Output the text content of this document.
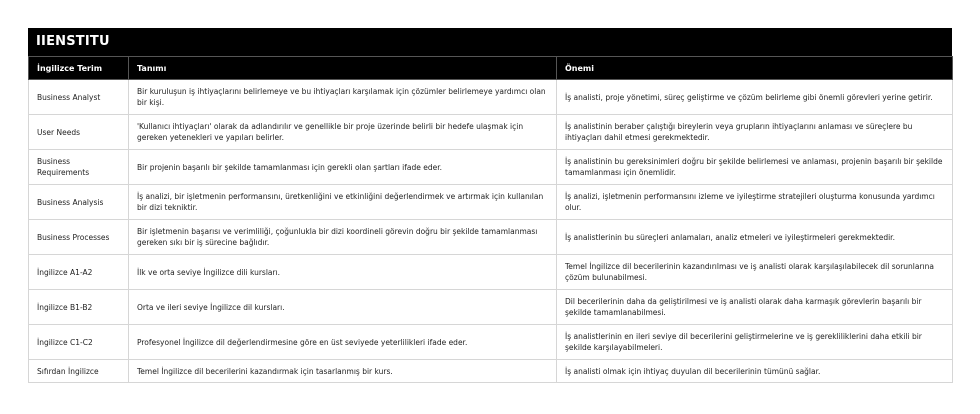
IIENSTITU
İngilizce Terim	Tanımı	Önemi
Business Analyst	Bir kuruluşun iş ihtiyaçlarını belirlemeye ve bu ihtiyaçları karşılamak için çözümler belirlemeye yardımcı olan bir kişi.	İş analisti, proje yönetimi, süreç geliştirme ve çözüm belirleme gibi önemli görevleri yerine getirir.
User Needs	'Kullanıcı ihtiyaçları' olarak da adlandırılır ve genellikle bir proje üzerinde belirli bir hedefe ulaşmak için gereken yetenekleri ve yapıları belirler.	İş analistinin beraber çalıştığı bireylerin veya grupların ihtiyaçlarını anlaması ve süreçlere bu ihtiyaçları dahil etmesi gerekmektedir.
Business Requirements	Bir projenin başarılı bir şekilde tamamlanması için gerekli olan şartları ifade eder.	İş analistinin bu gereksinimleri doğru bir şekilde belirlemesi ve anlaması, projenin başarılı bir şekilde tamamlanması için önemlidir.
Business Analysis	İş analizi, bir işletmenin performansını, üretkenliğini ve etkinliğini değerlendirmek ve artırmak için kullanılan bir dizi tekniktir.	İş analizi, işletmenin performansını izleme ve iyileştirme stratejileri oluşturma konusunda yardımcı olur.
Business Processes	Bir işletmenin başarısı ve verimliliği, çoğunlukla bir dizi koordineli görevin doğru bir şekilde tamamlanması gereken sıkı bir iş sürecine bağlıdır.	İş analistlerinin bu süreçleri anlamaları, analiz etmeleri ve iyileştirmeleri gerekmektedir.
İngilizce A1-A2	İlk ve orta seviye İngilizce dili kursları.	Temel İngilizce dil becerilerinin kazandırılması ve iş analisti olarak karşılaşılabilecek dil sorunlarına çözüm bulunabilmesi.
İngilizce B1-B2	Orta ve ileri seviye İngilizce dil kursları.	Dil becerilerinin daha da geliştirilmesi ve iş analisti olarak daha karmaşık görevlerin başarılı bir şekilde tamamlanabilmesi.
İngilizce C1-C2	Profesyonel İngilizce dil değerlendirmesine göre en üst seviyede yeterlilikleri ifade eder.	İş analistlerinin en ileri seviye dil becerilerini geliştirmelerine ve iş gerekliliklerini daha etkili bir şekilde karşılayabilmeleri.
Sıfırdan İngilizce	Temel İngilizce dil becerilerini kazandırmak için tasarlanmış bir kurs.	İş analisti olmak için ihtiyaç duyulan dil becerilerinin tümünü sağlar.
